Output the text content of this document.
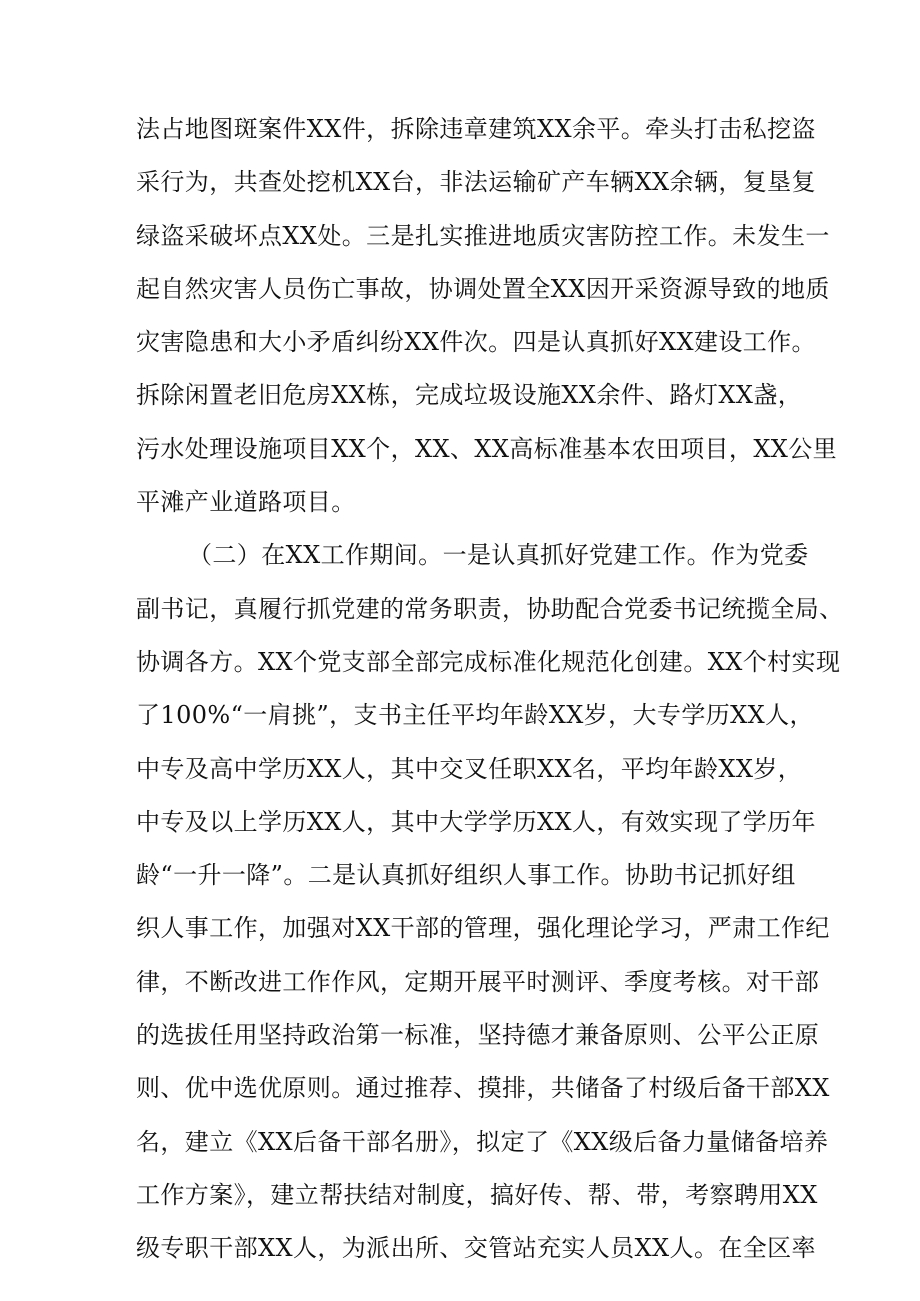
法占地图斑案件XX件，拆除违章建筑XX余平。牵头打击私挖盗
采行为，共查处挖机XX台，非法运输矿产车辆XX余辆，复垦复
绿盗采破坏点XX处。三是扎实推进地质灾害防控工作。未发生一
起自然灾害人员伤亡事故，协调处置全XX因开采资源导致的地质
灾害隐患和大小矛盾纠纷XX件次。四是认真抓好XX建设工作。
拆除闲置老旧危房XX栋，完成垃圾设施XX余件、路灯XX盏，
污水处理设施项目XX个，XX、XX高标准基本农田项目，XX公里
平滩产业道路项目。
（二）在XX工作期间。一是认真抓好党建工作。作为党委
副书记，真履行抓党建的常务职责，协助配合党委书记统揽全局、
协调各方。XX个党支部全部完成标准化规范化创建。XX个村实现
了100%“一肩挑”，支书主任平均年龄XX岁，大专学历XX人，
中专及高中学历XX人，其中交叉任职XX名，平均年龄XX岁，
中专及以上学历XX人，其中大学学历XX人，有效实现了学历年
龄“一升一降”。二是认真抓好组织人事工作。协助书记抓好组
织人事工作，加强对XX干部的管理，强化理论学习，严肃工作纪
律，不断改进工作作风，定期开展平时测评、季度考核。对干部
的选拔任用坚持政治第一标准，坚持德才兼备原则、公平公正原
则、优中选优原则。通过推荐、摸排，共储备了村级后备干部XX
名，建立《XX后备干部名册》，拟定了《XX级后备力量储备培养
工作方案》，建立帮扶结对制度，搞好传、帮、带，考察聘用XX
级专职干部XX人，为派出所、交管站充实人员XX人。在全区率
